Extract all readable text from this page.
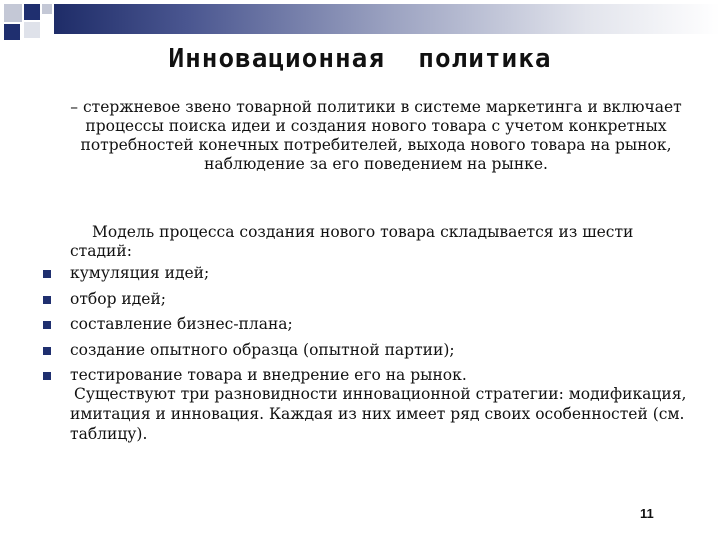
Инновационная  политика
– стержневое звено товарной политики в системе маркетинга и включает процессы поиска идеи и создания нового товара с учетом конкретных потребностей конечных потребителей, выхода нового товара на рынок, наблюдение за его поведением на рынке.
Модель процесса создания нового товара складывается из шести стадий:
кумуляция идей;
отбор идей;
составление бизнес-плана;
создание опытного образца (опытной партии);
тестирование товара и внедрение его на рынок.
Существуют три разновидности инновационной стратегии: модификация, имитация и инновация. Каждая из них имеет ряд своих особенностей (см. таблицу).
11
